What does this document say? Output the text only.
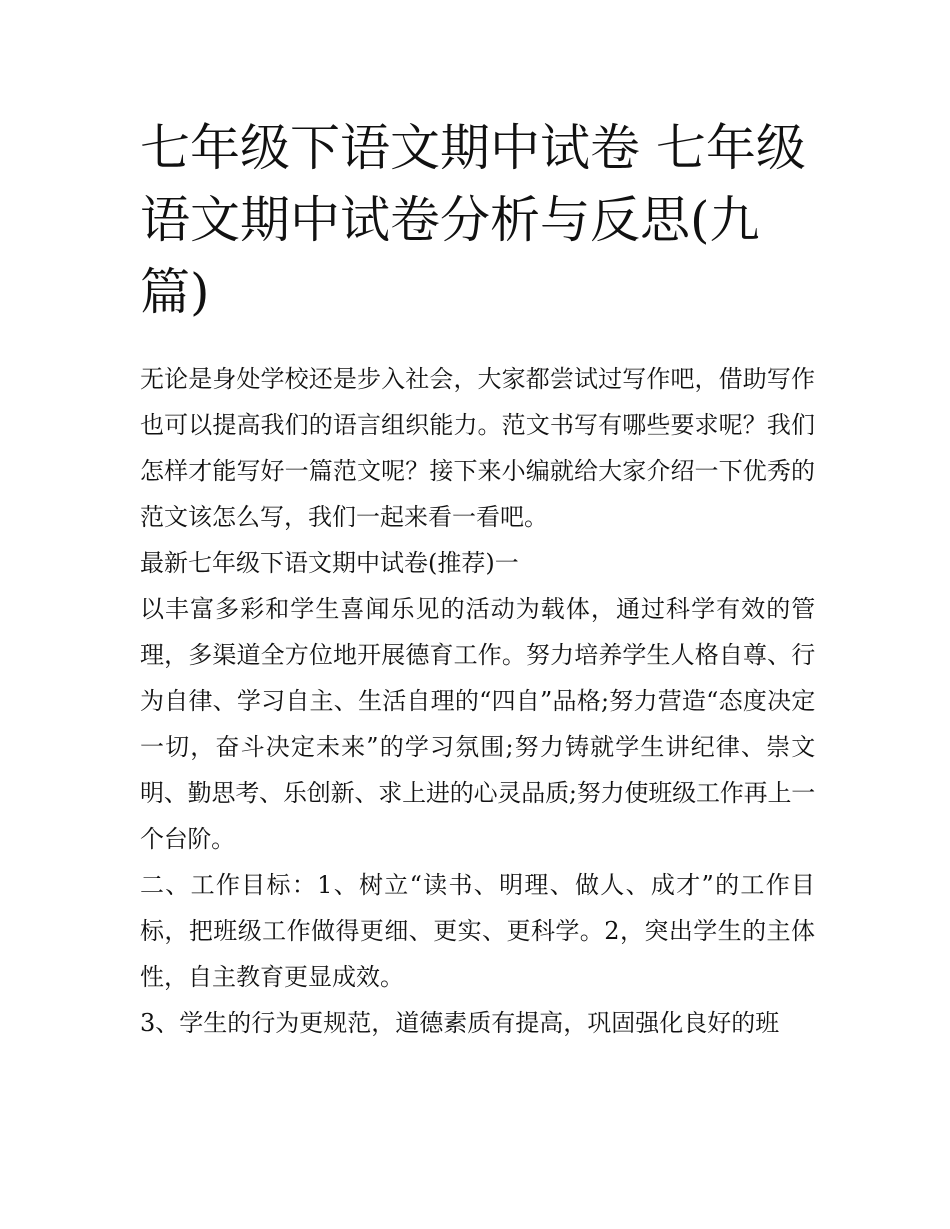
七年级下语文期中试卷 七年级语文期中试卷分析与反思(九篇)

无论是身处学校还是步入社会，大家都尝试过写作吧，借助写作也可以提高我们的语言组织能力。范文书写有哪些要求呢？我们怎样才能写好一篇范文呢？接下来小编就给大家介绍一下优秀的范文该怎么写，我们一起来看一看吧。

最新七年级下语文期中试卷(推荐)一

以丰富多彩和学生喜闻乐见的活动为载体，通过科学有效的管理，多渠道全方位地开展德育工作。努力培养学生人格自尊、行为自律、学习自主、生活自理的“四自”品格;努力营造“态度决定一切，奋斗决定未来”的学习氛围;努力铸就学生讲纪律、崇文明、勤思考、乐创新、求上进的心灵品质;努力使班级工作再上一个台阶。

二、工作目标：1、树立“读书、明理、做人、成才”的工作目标，把班级工作做得更细、更实、更科学。2，突出学生的主体性，自主教育更显成效。

3、学生的行为更规范，道德素质有提高，巩固强化良好的班
